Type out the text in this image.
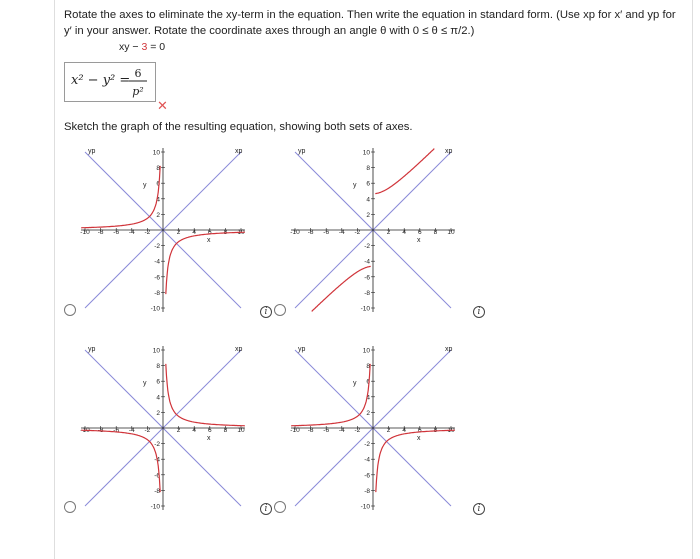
Rotate the axes to eliminate the xy-term in the equation. Then write the equation in standard form. (Use xp for x′ and yp for y′ in your answer. Rotate the coordinate axes through an angle θ with 0 ≤ θ ≤ π/2.)
xy − 3 = 0
x² − y² = 6
p²
✕
Sketch the graph of the resulting equation, showing both sets of axes.
-10 -8 -6 -4 -2	2 4 6 8 10
10
8
6
4
2
-2
-4
-6
-8
-10
x
y
xp
yp
-10 -8 -6 -4 -2	2 4 6 8 10
10
8
6
4
2
-2
-4
-6
-8
-10
x
y
xp
yp
-10 -8 -6 -4 -2	2 4 6 8 10
10
8
6
4
2
-2
-4
-6
-8
-10
x
y
xp
yp
-10 -8 -6 -4 -2	2 4 6 8 10
10
8
6
4
2
-2
-4
-6
-8
-10
x
y
xp
yp
i	i
i	i
